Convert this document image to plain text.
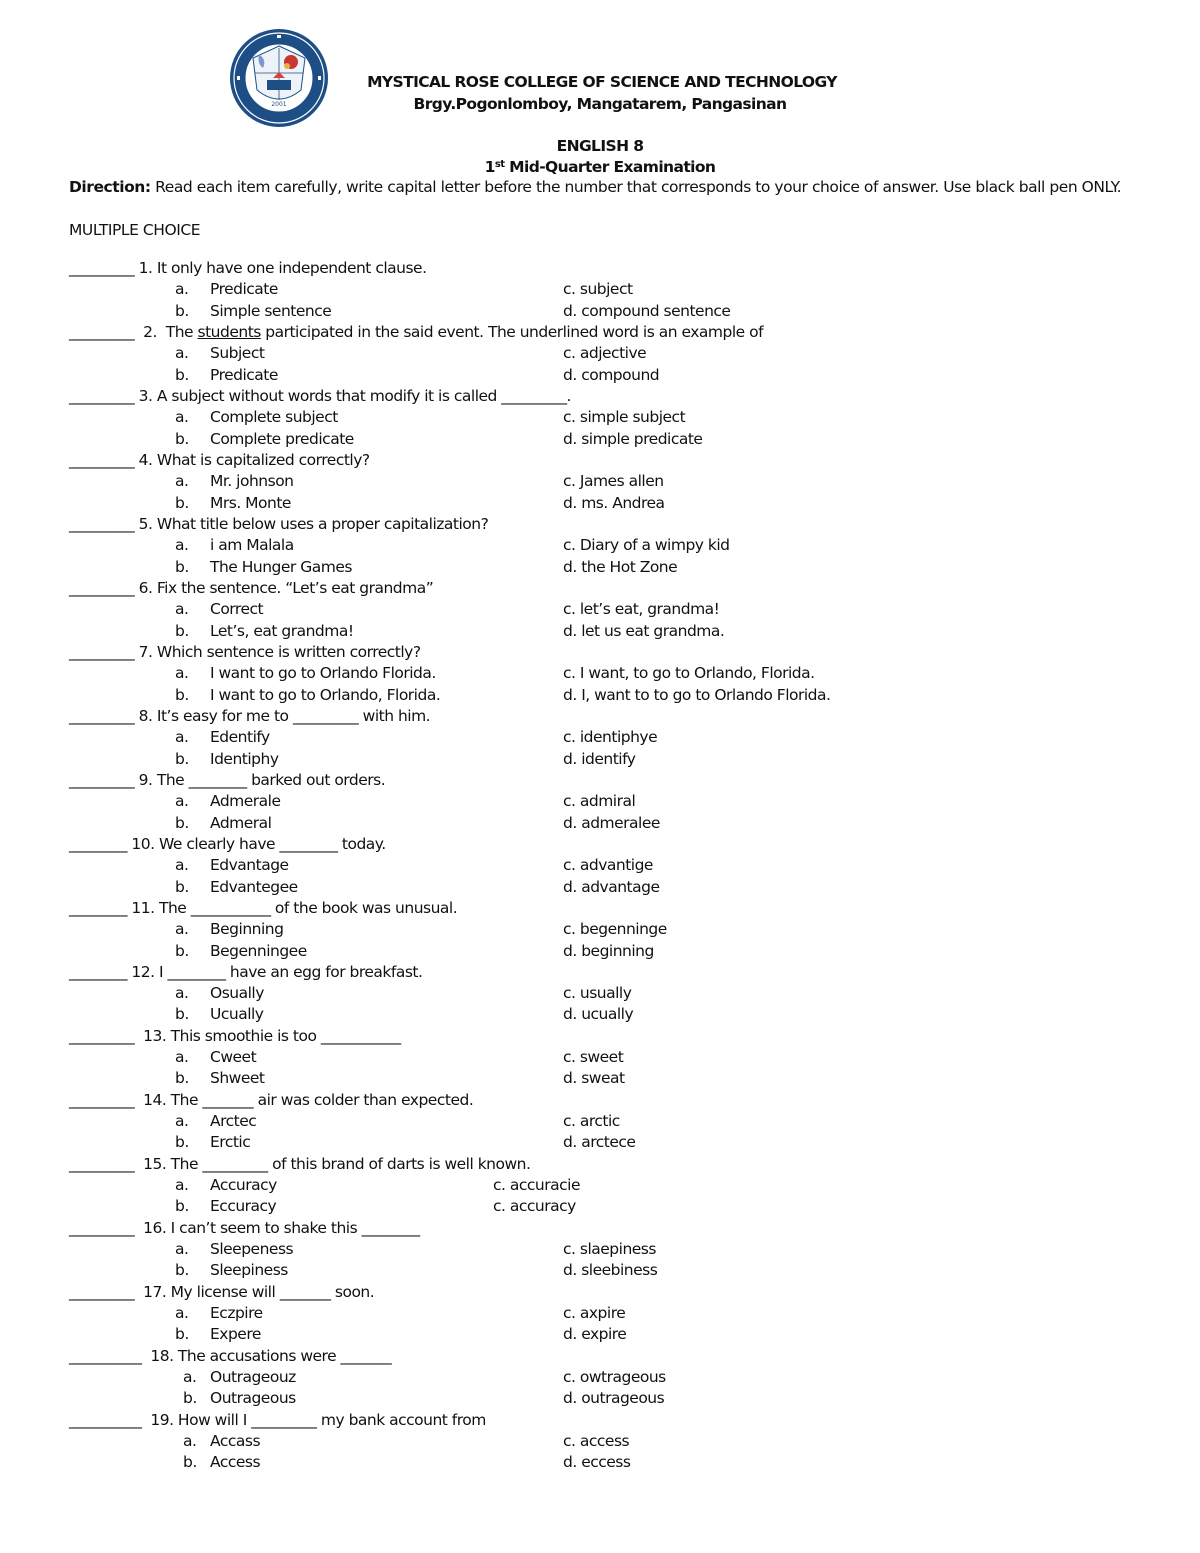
2001
MYSTICAL ROSE COLLEGE OF SCIENCE AND TECHNOLOGY
Brgy.Pogonlomboy, Mangatarem, Pangasinan
ENGLISH 8
1st Mid-Quarter Examination
Direction: Read each item carefully, write capital letter before the number that corresponds to your choice of answer. Use black ball pen ONLY.
MULTIPLE CHOICE
_________ 1. It only have one independent clause.
a. Predicate	c. subject
b. Simple sentence	d. compound sentence
_________  2.  The students participated in the said event. The underlined word is an example of
a. Subject	c. adjective
b. Predicate	d. compound
_________ 3. A subject without words that modify it is called _________.
a. Complete subject	c. simple subject
b. Complete predicate	d. simple predicate
_________ 4. What is capitalized correctly?
a. Mr. johnson	c. James allen
b. Mrs. Monte	d. ms. Andrea
_________ 5. What title below uses a proper capitalization?
a. i am Malala	c. Diary of a wimpy kid
b. The Hunger Games	d. the Hot Zone
_________ 6. Fix the sentence. “Let’s eat grandma”
a. Correct	c. let’s eat, grandma!
b. Let’s, eat grandma!	d. let us eat grandma.
_________ 7. Which sentence is written correctly?
a. I want to go to Orlando Florida.	c. I want, to go to Orlando, Florida.
b. I want to go to Orlando, Florida.	d. I, want to to go to Orlando Florida.
_________ 8. It’s easy for me to _________ with him.
a. Edentify	c. identiphye
b. Identiphy	d. identify
_________ 9. The ________ barked out orders.
a. Admerale	c. admiral
b. Admeral	d. admeralee
________ 10. We clearly have ________ today.
a. Edvantage	c. advantige
b. Edvantegee	d. advantage
________ 11. The ___________ of the book was unusual.
a. Beginning	c. begenninge
b. Begenningee	d. beginning
________ 12. I ________ have an egg for breakfast.
a. Osually	c. usually
b. Ucually	d. ucually
_________  13. This smoothie is too ___________
a. Cweet	c. sweet
b. Shweet	d. sweat
_________  14. The _______ air was colder than expected.
a. Arctec	c. arctic
b. Erctic	d. arctece
_________  15. The _________ of this brand of darts is well known.
a. Accuracy	c. accuracie
b. Eccuracy	c. accuracy
_________  16. I can’t seem to shake this ________
a. Sleepeness	c. slaepiness
b. Sleepiness	d. sleebiness
_________  17. My license will _______ soon.
a. Eczpire	c. axpire
b. Expere	d. expire
__________  18. The accusations were _______
a. Outrageouz	c. owtrageous
b. Outrageous	d. outrageous
__________  19. How will I _________ my bank account from
a. Accass	c. access
b. Access	d. eccess
